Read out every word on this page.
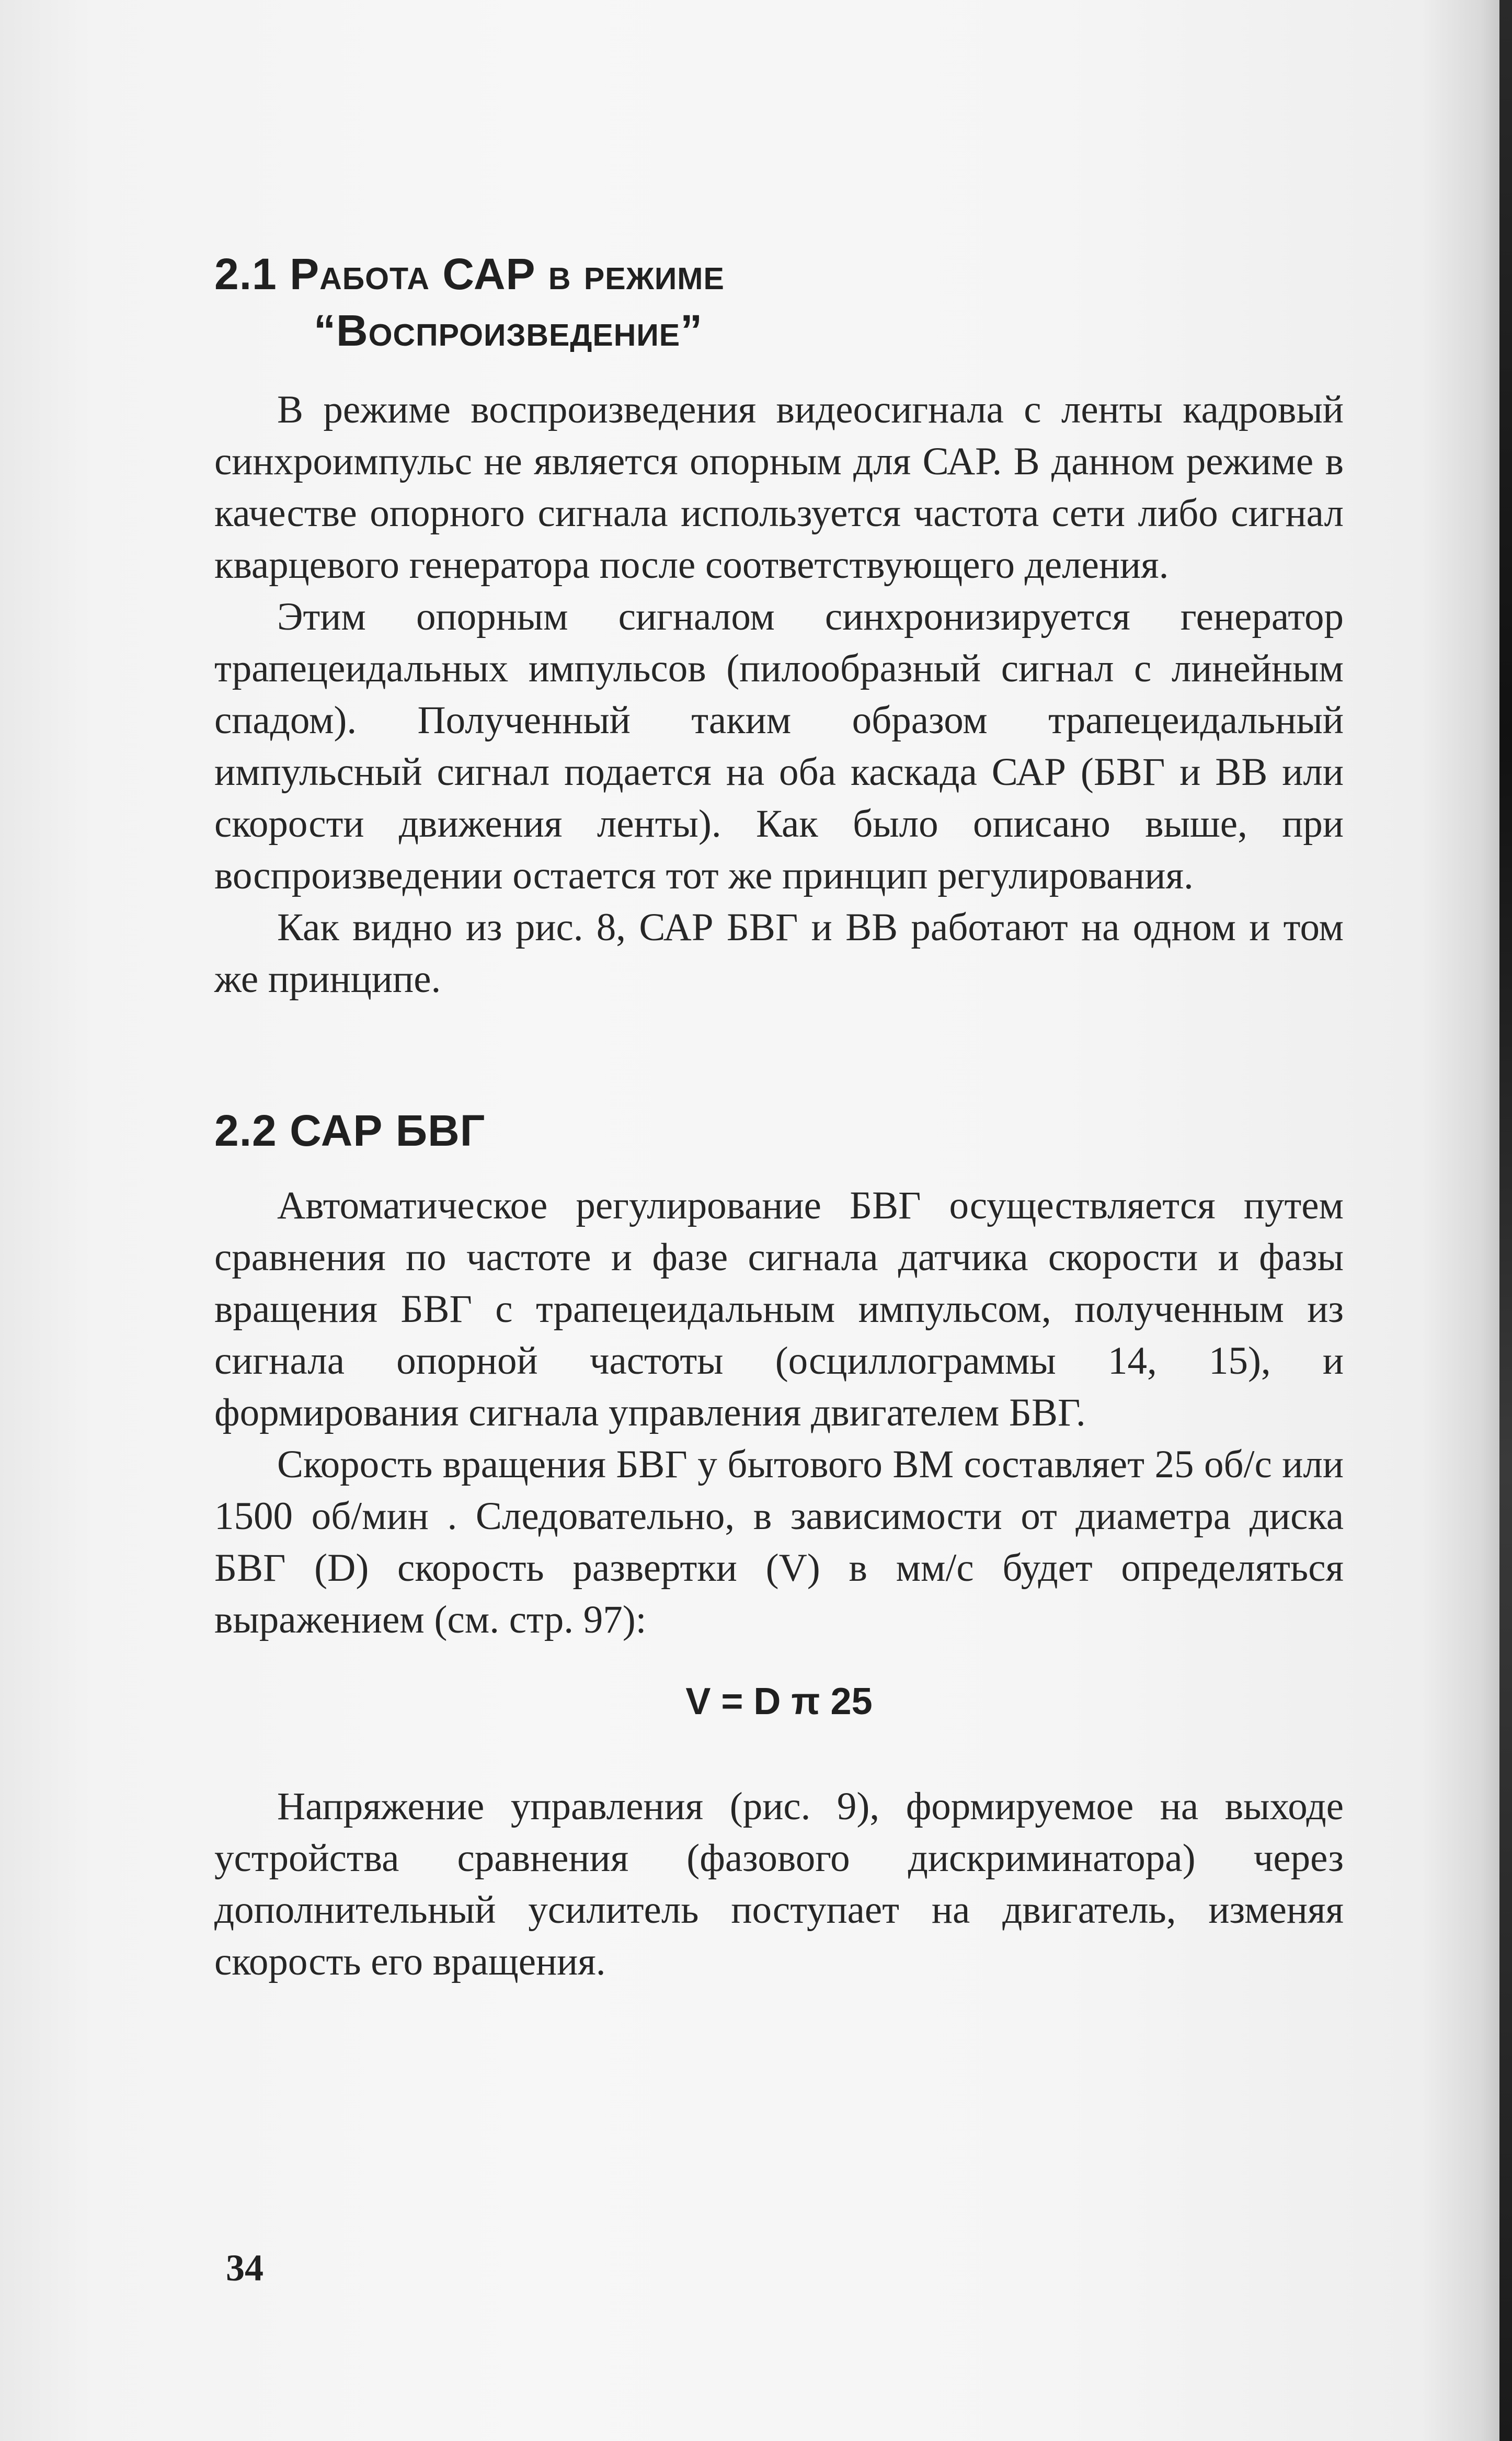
2.1 Работа САР в режиме
“Воспроизведение”

В режиме воспроизведения видеосигнала с ленты кадровый синхроимпульс не является опорным для САР. В данном режиме в качестве опорного сигнала используется частота сети либо сигнал кварцевого генератора после соответствующего деления.

Этим опорным сигналом синхронизируется генератор трапецеидальных импульсов (пилообразный сигнал с линейным спадом). Полученный таким образом трапецеидальный импульсный сигнал подается на оба каскада САР (БВГ и ВВ или скорости движения ленты). Как было описано выше, при воспроизведении остается тот же принцип регулирования.

Как видно из рис. 8, САР БВГ и ВВ работают на одном и том же принципе.

2.2 САР БВГ

Автоматическое регулирование БВГ осуществляется путем сравнения по частоте и фазе сигнала датчика скорости и фазы вращения БВГ с трапецеидальным импульсом, полученным из сигнала опорной частоты (осциллограммы 14, 15), и формирования сигнала управления двигателем БВГ.

Скорость вращения БВГ у бытового ВМ составляет 25 об/с или 1500 об/мин . Следовательно, в зависимости от диаметра диска БВГ (D) скорость развертки (V) в мм/с будет определяться выражением (см. стр. 97):

V = D π 25

Напряжение управления (рис. 9), формируемое на выходе устройства сравнения (фазового дискриминатора) через дополнительный усилитель поступает на двигатель, изменяя скорость его вращения.

34
